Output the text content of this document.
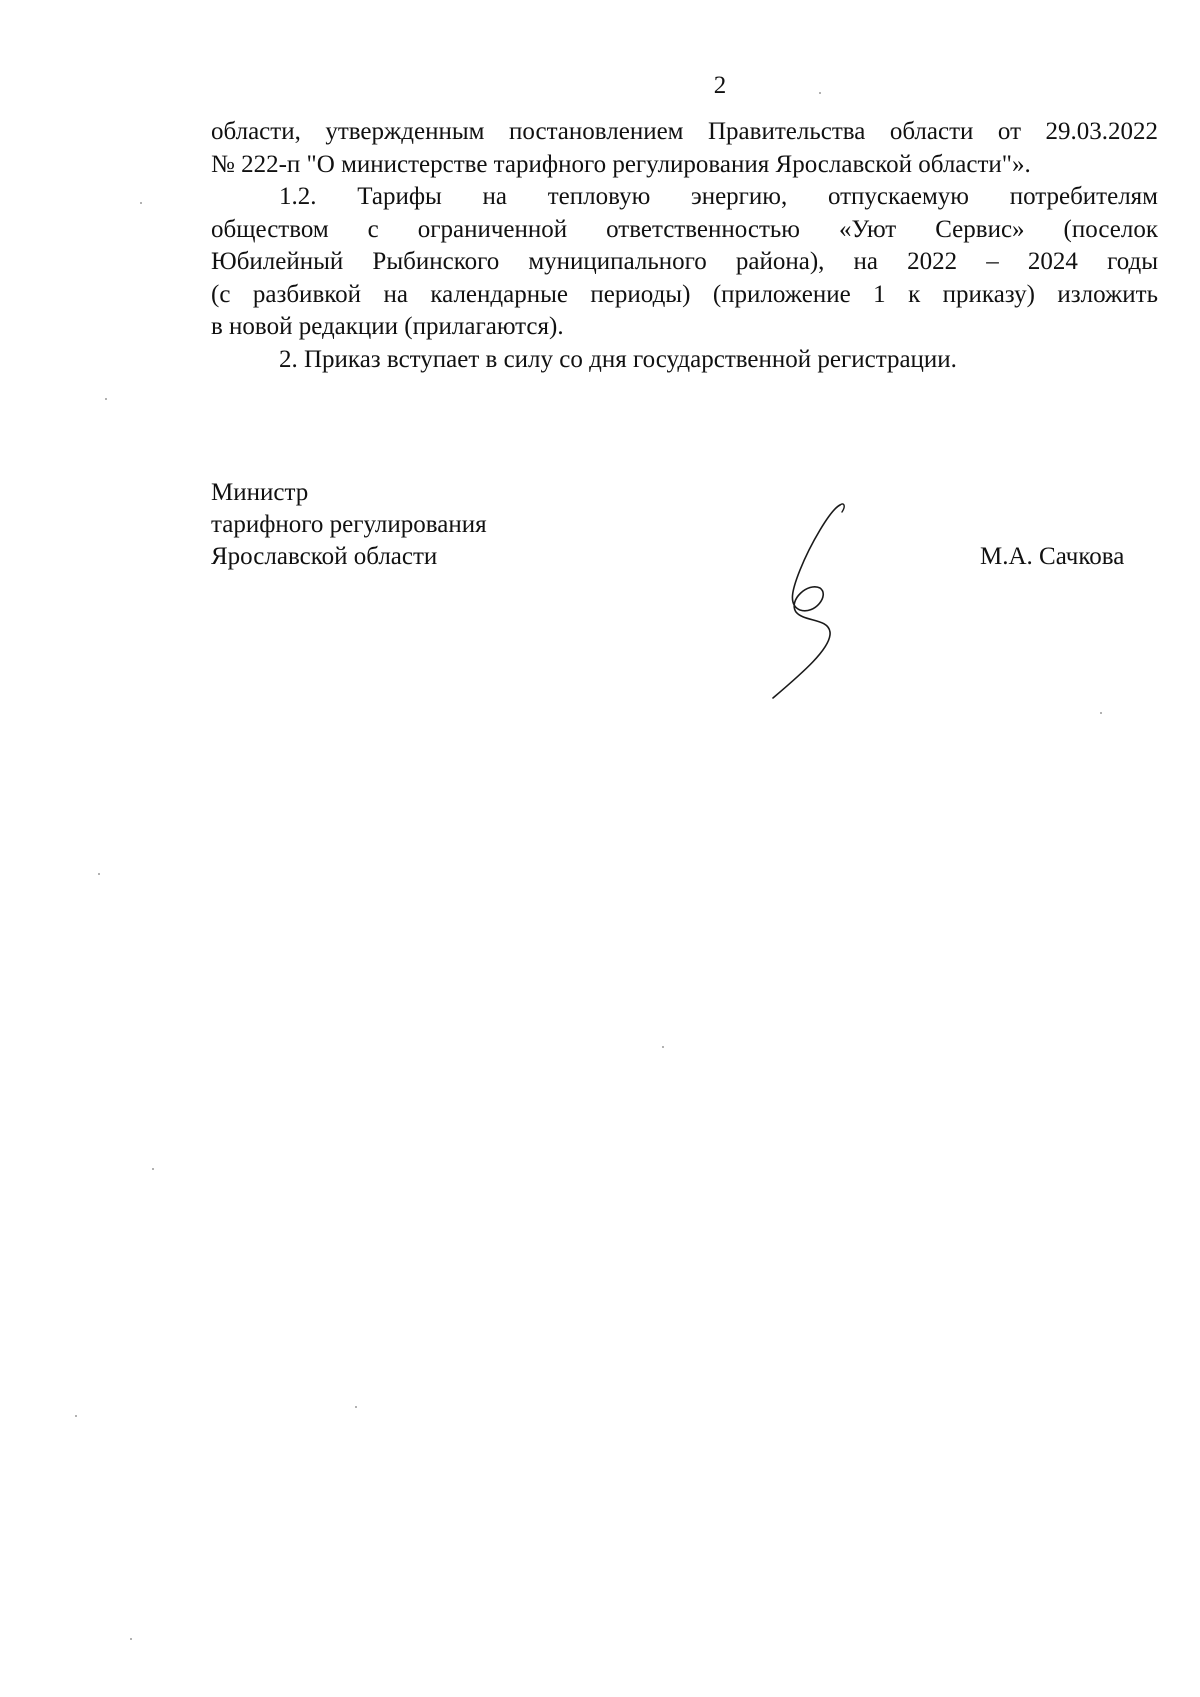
2

области, утвержденным постановлением Правительства области от 29.03.2022
№ 222-п "О министерстве тарифного регулирования Ярославской области"».

1.2. Тарифы на тепловую энергию, отпускаемую потребителям
обществом с ограниченной ответственностью «Уют Сервис» (поселок
Юбилейный Рыбинского муниципального района), на 2022 – 2024 годы
(с разбивкой на календарные периоды) (приложение 1 к приказу) изложить
в новой редакции (прилагаются).

2. Приказ вступает в силу со дня государственной регистрации.

Министр
тарифного регулирования
Ярославской области	М.А. Сачкова
